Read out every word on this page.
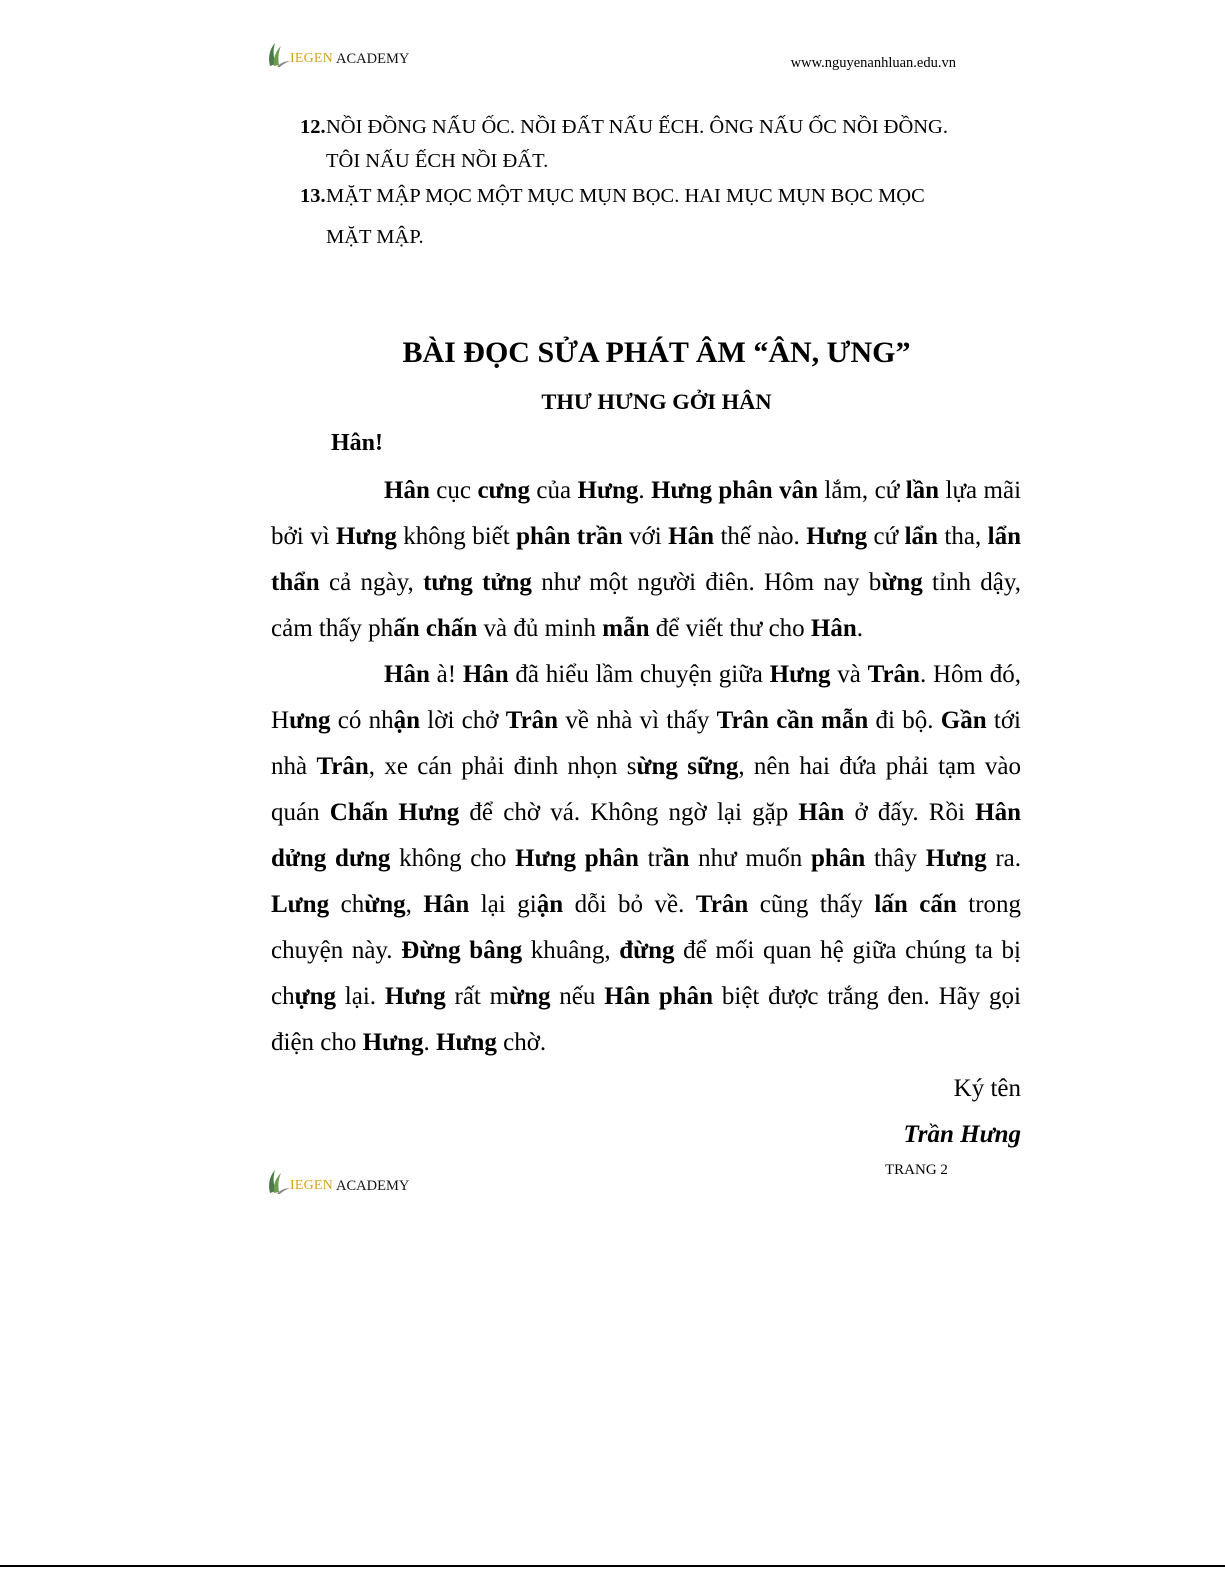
IEGEN ACADEMY	www.nguyenanhluan.edu.vn
12. NỒI ĐỒNG NẤU ỐC. NỒI ĐẤT NẤU ẾCH. ÔNG NẤU ỐC NỒI ĐỒNG.
TÔI NẤU ẾCH NỒI ĐẤT.
13. MẶT MẬP MỌC MỘT MỤC MỤN BỌC. HAI MỤC MỤN BỌC MỌC
MẶT MẬP.
BÀI ĐỌC SỬA PHÁT ÂM “ÂN, ƯNG”
THƯ HƯNG GỞI HÂN
Hân!

Hân cục cưng của Hưng. Hưng phân vân lắm, cứ lần lựa mãi bởi vì Hưng không biết phân trần với Hân thế nào. Hưng cứ lẩn tha, lẩn thẩn cả ngày, tưng tửng như một người điên. Hôm nay bừng tỉnh dậy, cảm thấy phấn chấn và đủ minh mẫn để viết thư cho Hân.

Hân à! Hân đã hiểu lầm chuyện giữa Hưng và Trân. Hôm đó, Hưng có nhận lời chở Trân về nhà vì thấy Trân cần mẫn đi bộ. Gần tới nhà Trân, xe cán phải đinh nhọn sừng sững, nên hai đứa phải tạm vào quán Chấn Hưng để chờ vá. Không ngờ lại gặp Hân ở đấy. Rồi Hân dửng dưng không cho Hưng phân trần như muốn phân thây Hưng ra. Lưng chừng, Hân lại giận dỗi bỏ về. Trân cũng thấy lấn cấn trong chuyện này. Đừng bâng khuâng, đừng để mối quan hệ giữa chúng ta bị chựng lại. Hưng rất mừng nếu Hân phân biệt được trắng đen. Hãy gọi điện cho Hưng. Hưng chờ.

Ký tên
Trần Hưng
TRANG 2
IEGEN ACADEMY
